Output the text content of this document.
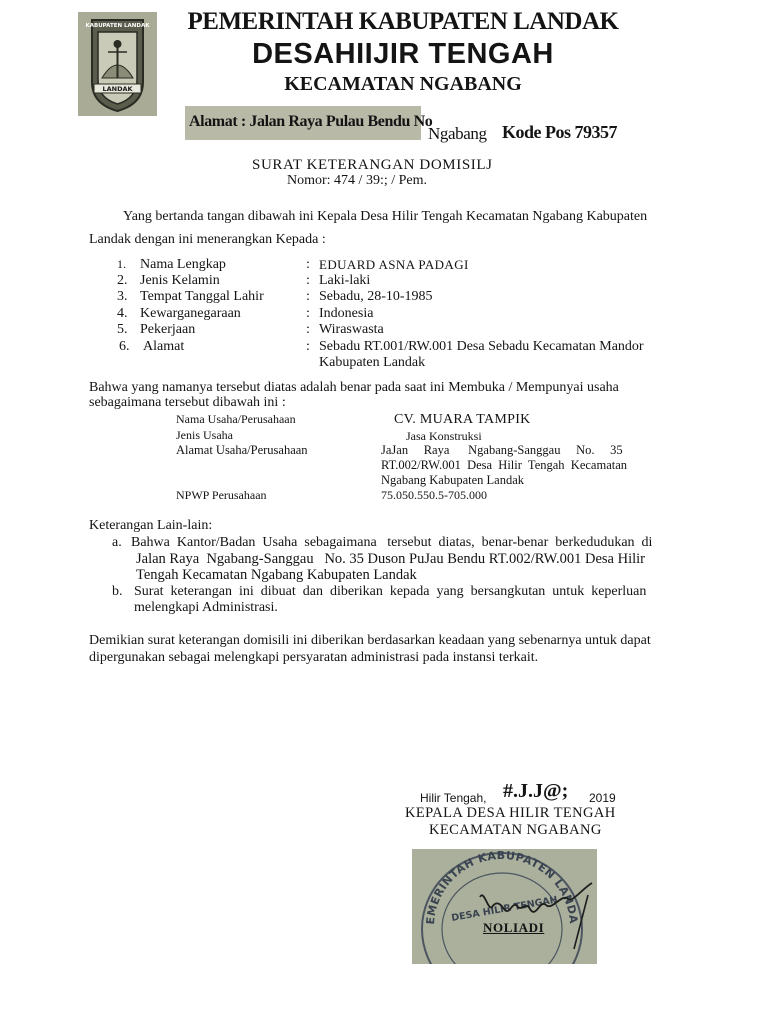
KABUPATEN LANDAK
LANDAK
PEMERINTAH KABUPATEN LANDAK
DESAHIIJIR TENGAH
KECAMATAN NGABANG
Alamat : Jalan Raya Pulau Bendu No
Ngabang Kode Pos 79357
SURAT KETERANGAN DOMISILJ
Nomor: 474 / 39:; / Pem.
Yang bertanda tangan dibawah ini Kepala Desa Hilir Tengah Kecamatan Ngabang Kabupaten
Landak dengan ini menerangkan Kepada :
1. Nama Lengkap	: EDUARD ASNA PADAGI
2. Jenis Kelamin	: Laki-laki
3. Tempat Tanggal Lahir	: Sebadu, 28-10-1985
4. Kewarganegaraan	: Indonesia
5. Pekerjaan	: Wiraswasta
6. Alamat	: Sebadu RT.001/RW.001 Desa Sebadu Kecamatan Mandor
Kabupaten Landak
Bahwa yang namanya tersebut diatas adalah benar pada saat ini Membuka / Mempunyai usaha
sebagaimana tersebut dibawah ini :
Nama Usaha/Perusahaan	CV. MUARA TAMPIK
Jenis Usaha	Jasa Konstruksi
Alamat Usaha/Perusahaan	JaJan     Raya      Ngabang-Sanggau     No.     35
RT.002/RW.001  Desa  Hilir  Tengah  Kecamatan
Ngabang Kabupaten Landak
NPWP Perusahaan	75.050.550.5-705.000
Keterangan Lain-lain:
a. Bahwa  Kantor/Badan  Usaha  sebagaimana   tersebut  diatas,  benar-benar  berkedudukan  di
Jalan Raya  Ngabang-Sanggau   No. 35 Duson PuJau Bendu RT.002/RW.001 Desa Hilir
Tengah Kecamatan Ngabang Kabupaten Landak
b. Surat  keterangan  ini  dibuat  dan  diberikan  kepada  yang  bersangkutan  untuk  keperluan
melengkapi Administrasi.
Demikian surat keterangan domisili ini diberikan berdasarkan keadaan yang sebenarnya untuk dapat
dipergunakan sebagai melengkapi persyaratan administrasi pada instansi terkait.
Hilir Tengah, #.J.J@; 2019
KEPALA DESA HILIR TENGAH
KECAMATAN NGABANG
EMERINTAH KABUPATEN LANDA
DESA HILIR TENGAH
NOLIADI
